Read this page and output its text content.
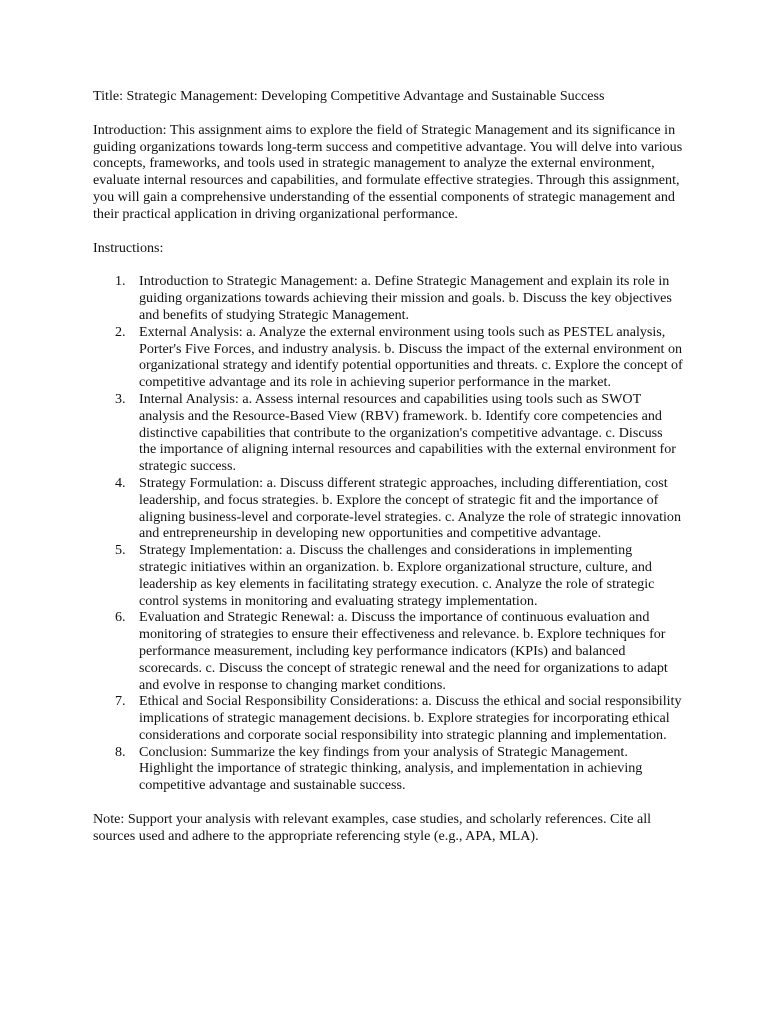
Title: Strategic Management: Developing Competitive Advantage and Sustainable Success

Introduction: This assignment aims to explore the field of Strategic Management and its significance in guiding organizations towards long-term success and competitive advantage. You will delve into various concepts, frameworks, and tools used in strategic management to analyze the external environment, evaluate internal resources and capabilities, and formulate effective strategies. Through this assignment, you will gain a comprehensive understanding of the essential components of strategic management and their practical application in driving organizational performance.

Instructions:

1. Introduction to Strategic Management: a. Define Strategic Management and explain its role in guiding organizations towards achieving their mission and goals. b. Discuss the key objectives and benefits of studying Strategic Management.
2. External Analysis: a. Analyze the external environment using tools such as PESTEL analysis, Porter's Five Forces, and industry analysis. b. Discuss the impact of the external environment on organizational strategy and identify potential opportunities and threats. c. Explore the concept of competitive advantage and its role in achieving superior performance in the market.
3. Internal Analysis: a. Assess internal resources and capabilities using tools such as SWOT analysis and the Resource-Based View (RBV) framework. b. Identify core competencies and distinctive capabilities that contribute to the organization's competitive advantage. c. Discuss the importance of aligning internal resources and capabilities with the external environment for strategic success.
4. Strategy Formulation: a. Discuss different strategic approaches, including differentiation, cost leadership, and focus strategies. b. Explore the concept of strategic fit and the importance of aligning business-level and corporate-level strategies. c. Analyze the role of strategic innovation and entrepreneurship in developing new opportunities and competitive advantage.
5. Strategy Implementation: a. Discuss the challenges and considerations in implementing strategic initiatives within an organization. b. Explore organizational structure, culture, and leadership as key elements in facilitating strategy execution. c. Analyze the role of strategic control systems in monitoring and evaluating strategy implementation.
6. Evaluation and Strategic Renewal: a. Discuss the importance of continuous evaluation and monitoring of strategies to ensure their effectiveness and relevance. b. Explore techniques for performance measurement, including key performance indicators (KPIs) and balanced scorecards. c. Discuss the concept of strategic renewal and the need for organizations to adapt and evolve in response to changing market conditions.
7. Ethical and Social Responsibility Considerations: a. Discuss the ethical and social responsibility implications of strategic management decisions. b. Explore strategies for incorporating ethical considerations and corporate social responsibility into strategic planning and implementation.
8. Conclusion: Summarize the key findings from your analysis of Strategic Management. Highlight the importance of strategic thinking, analysis, and implementation in achieving competitive advantage and sustainable success.

Note: Support your analysis with relevant examples, case studies, and scholarly references. Cite all sources used and adhere to the appropriate referencing style (e.g., APA, MLA).
